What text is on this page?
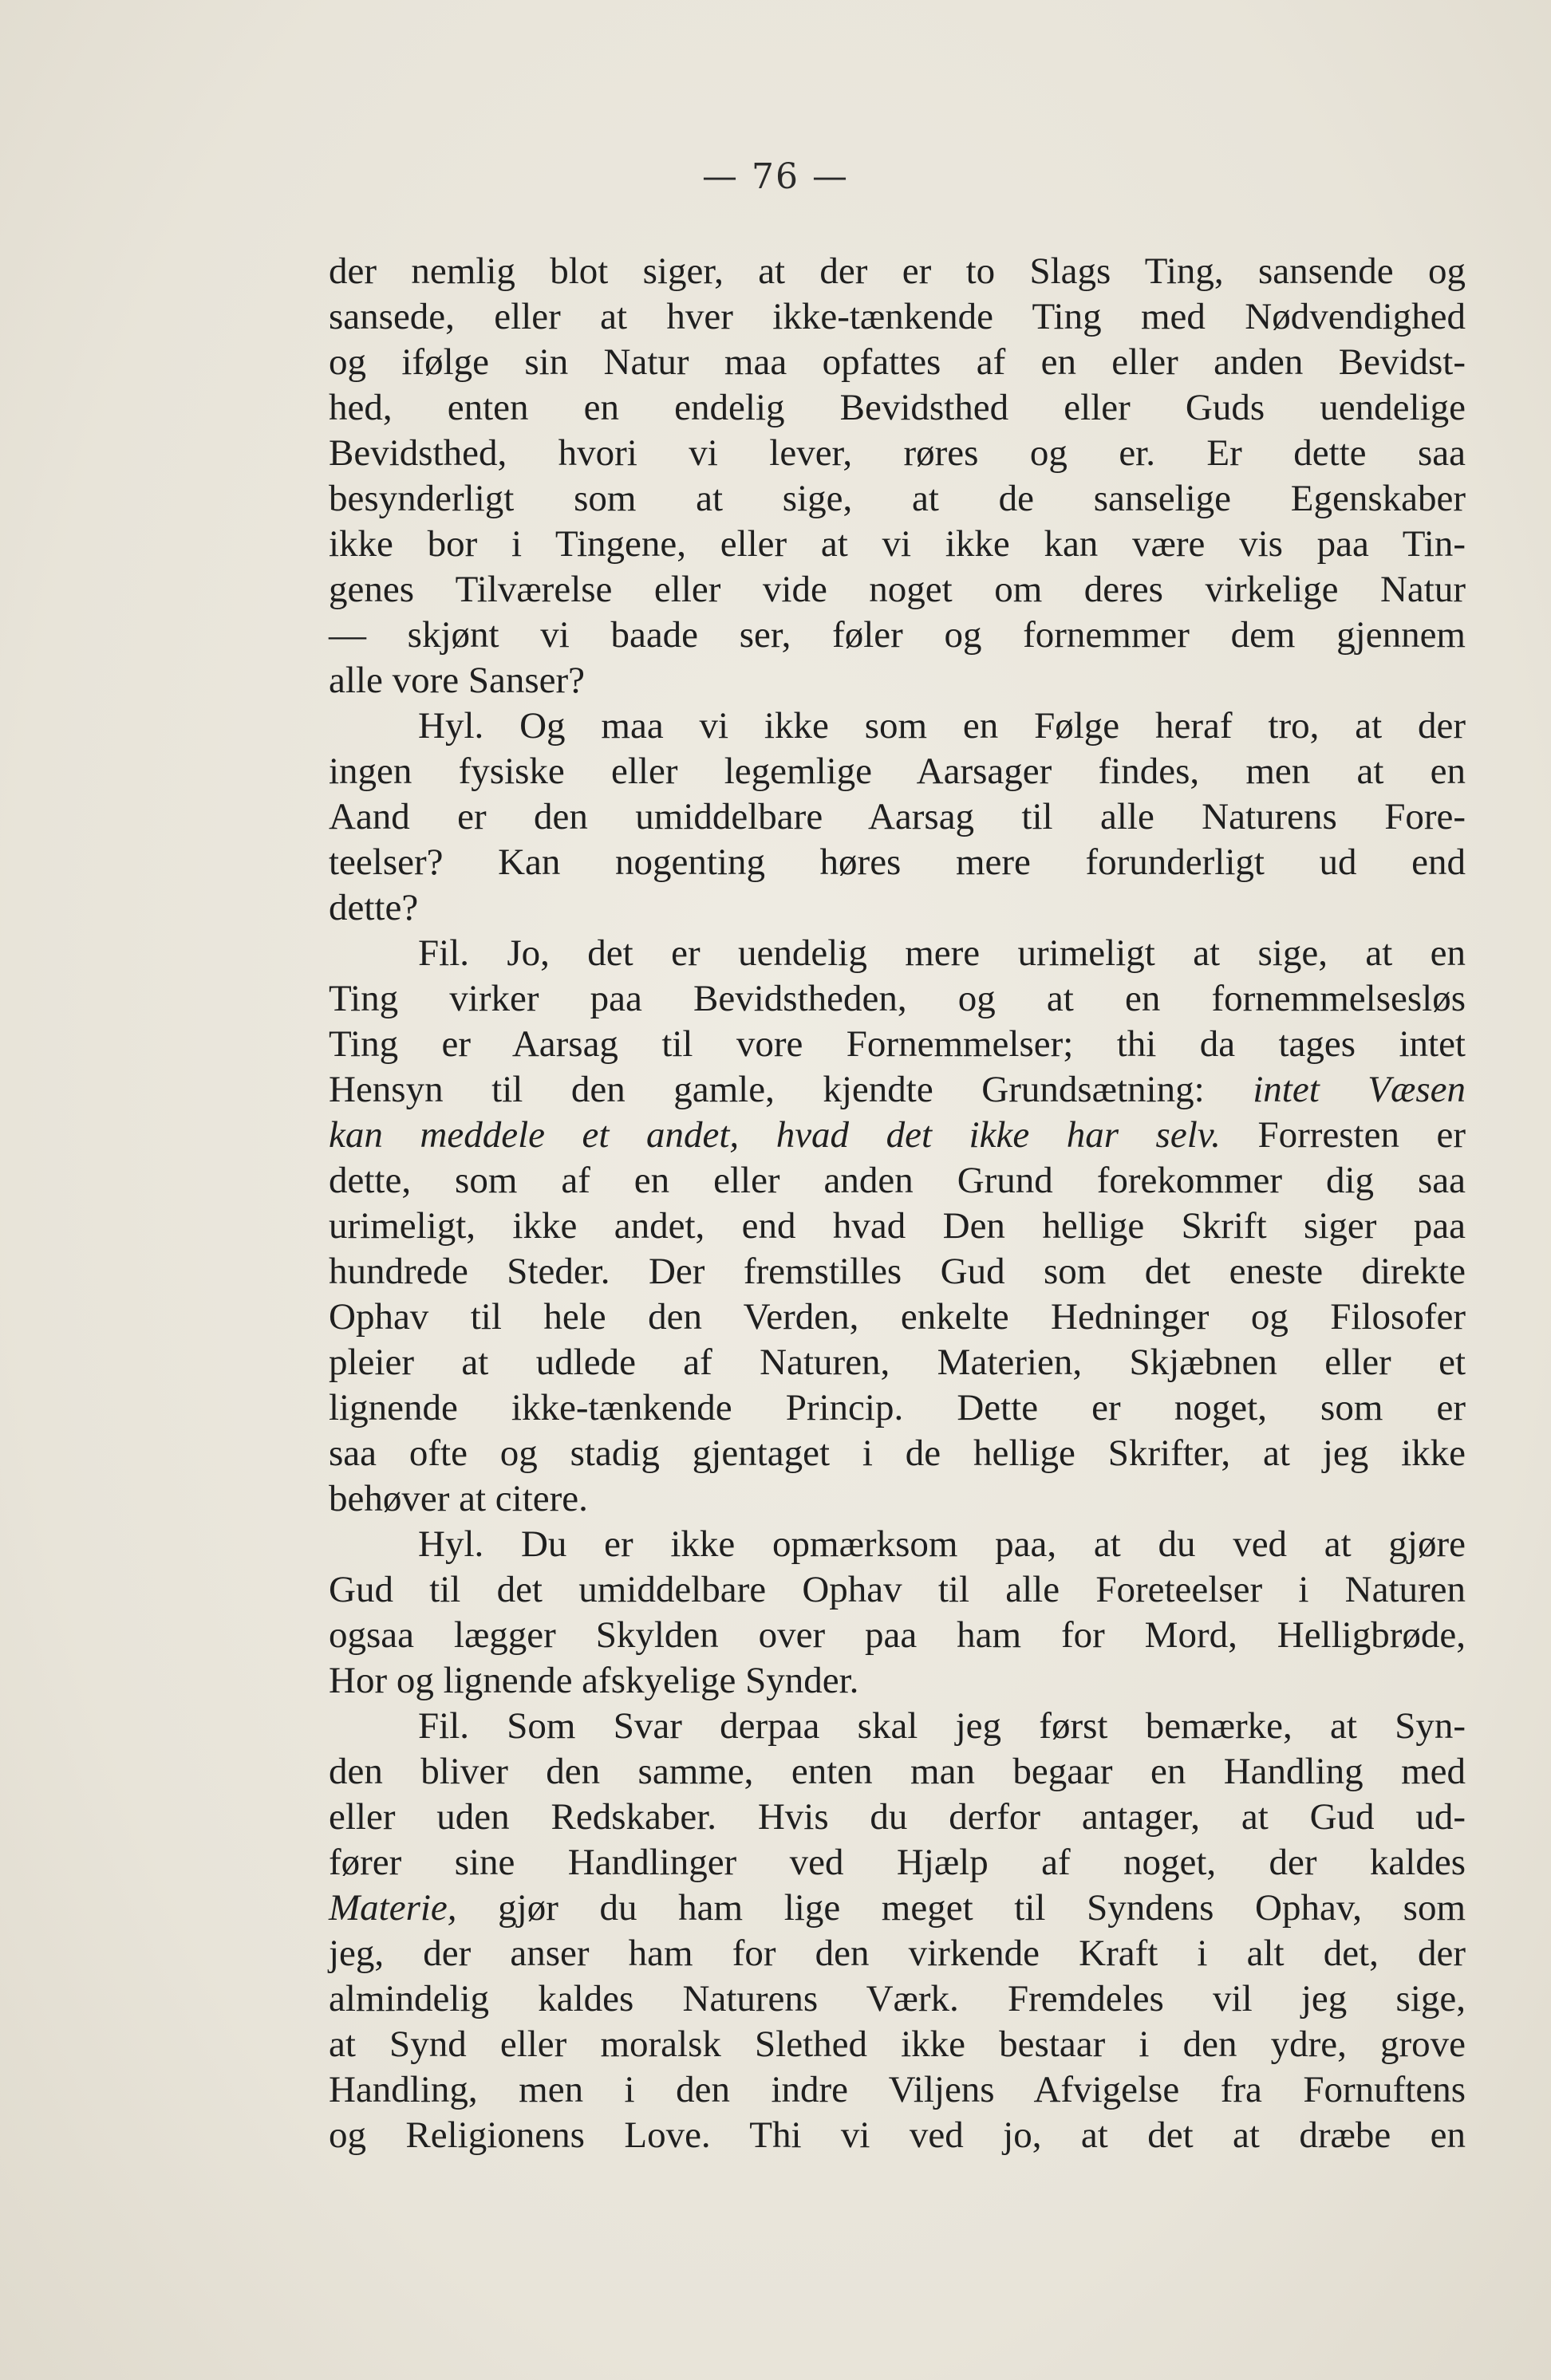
— 76 —
der nemlig blot siger, at der er to Slags Ting, sansende og
sansede, eller at hver ikke-tænkende Ting med Nødvendighed
og ifølge sin Natur maa opfattes af en eller anden Bevidst-
hed, enten en endelig Bevidsthed eller Guds uendelige
Bevidsthed, hvori vi lever, røres og er. Er dette saa
besynderligt som at sige, at de sanselige Egenskaber
ikke bor i Tingene, eller at vi ikke kan være vis paa Tin-
genes Tilværelse eller vide noget om deres virkelige Natur
— skjønt vi baade ser, føler og fornemmer dem gjennem
alle vore Sanser?
Hyl. Og maa vi ikke som en Følge heraf tro, at der
ingen fysiske eller legemlige Aarsager findes, men at en
Aand er den umiddelbare Aarsag til alle Naturens Fore-
teelser? Kan nogenting høres mere forunderligt ud end
dette?
Fil. Jo, det er uendelig mere urimeligt at sige, at en
Ting virker paa Bevidstheden, og at en fornemmelsesløs
Ting er Aarsag til vore Fornemmelser; thi da tages intet
Hensyn til den gamle, kjendte Grundsætning: intet Væsen
kan meddele et andet, hvad det ikke har selv. Forresten er
dette, som af en eller anden Grund forekommer dig saa
urimeligt, ikke andet, end hvad Den hellige Skrift siger paa
hundrede Steder. Der fremstilles Gud som det eneste direkte
Ophav til hele den Verden, enkelte Hedninger og Filosofer
pleier at udlede af Naturen, Materien, Skjæbnen eller et
lignende ikke-tænkende Princip. Dette er noget, som er
saa ofte og stadig gjentaget i de hellige Skrifter, at jeg ikke
behøver at citere.
Hyl. Du er ikke opmærksom paa, at du ved at gjøre
Gud til det umiddelbare Ophav til alle Foreteelser i Naturen
ogsaa lægger Skylden over paa ham for Mord, Helligbrøde,
Hor og lignende afskyelige Synder.
Fil. Som Svar derpaa skal jeg først bemærke, at Syn-
den bliver den samme, enten man begaar en Handling med
eller uden Redskaber. Hvis du derfor antager, at Gud ud-
fører sine Handlinger ved Hjælp af noget, der kaldes
Materie, gjør du ham lige meget til Syndens Ophav, som
jeg, der anser ham for den virkende Kraft i alt det, der
almindelig kaldes Naturens Værk. Fremdeles vil jeg sige,
at Synd eller moralsk Slethed ikke bestaar i den ydre, grove
Handling, men i den indre Viljens Afvigelse fra Fornuftens
og Religionens Love. Thi vi ved jo, at det at dræbe en
